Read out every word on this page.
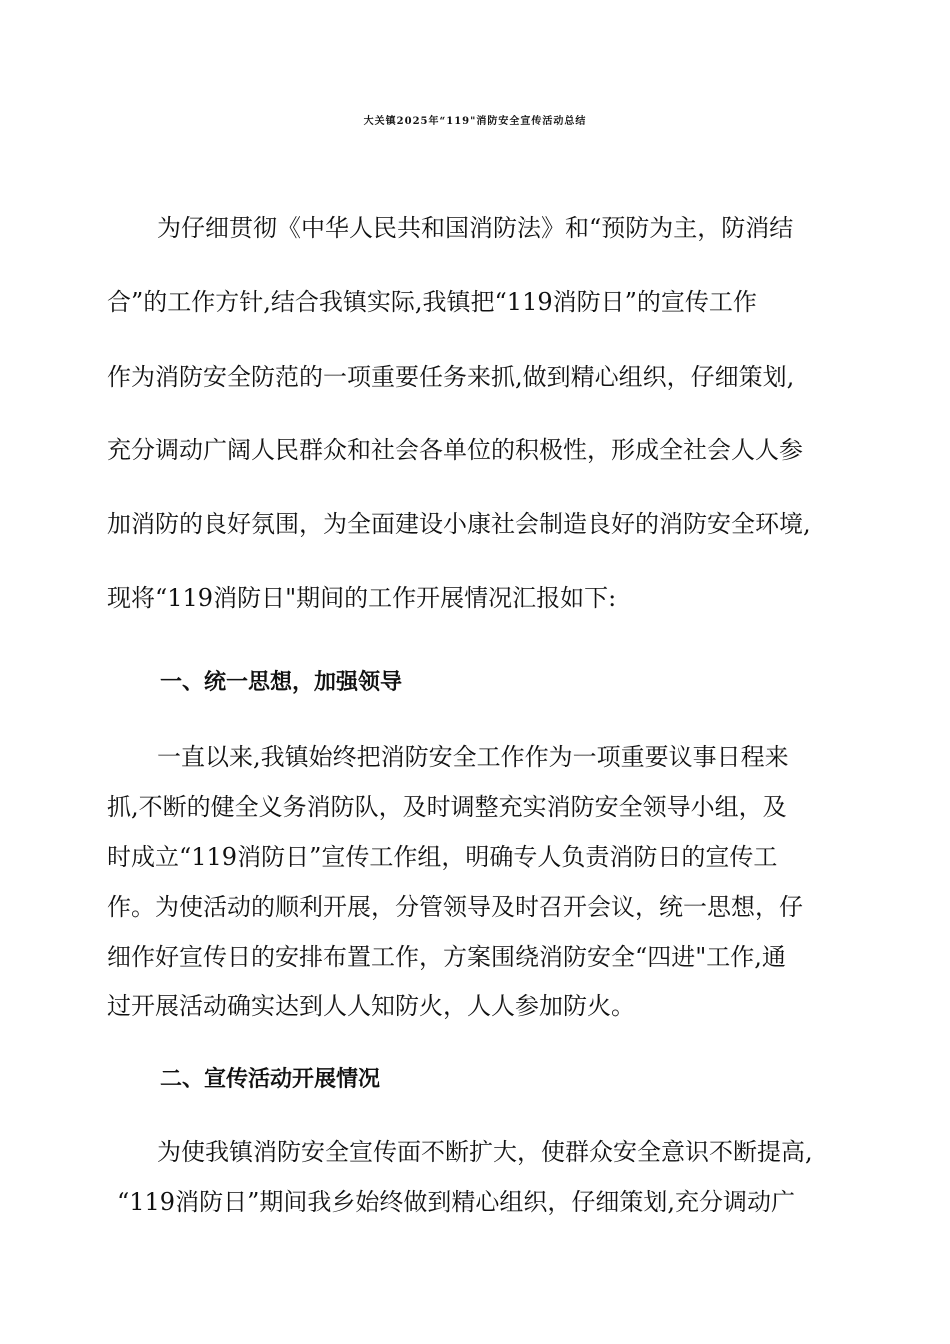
大关镇2025年“119"消防安全宣传活动总结
为仔细贯彻《中华人民共和国消防法》和“预防为主，防消结
合”的工作方针,结合我镇实际,我镇把“119消防日”的宣传工作
作为消防安全防范的一项重要任务来抓,做到精心组织，仔细策划,
充分调动广阔人民群众和社会各单位的积极性，形成全社会人人参
加消防的良好氛围，为全面建设小康社会制造良好的消防安全环境,
现将“119消防日"期间的工作开展情况汇报如下:
一、统一思想，加强领导
一直以来,我镇始终把消防安全工作作为一项重要议事日程来
抓,不断的健全义务消防队，及时调整充实消防安全领导小组，及
时成立“119消防日”宣传工作组，明确专人负责消防日的宣传工
作。为使活动的顺利开展，分管领导及时召开会议，统一思想，仔
细作好宣传日的安排布置工作，方案围绕消防安全“四进"工作,通
过开展活动确实达到人人知防火，人人参加防火。
二、宣传活动开展情况
为使我镇消防安全宣传面不断扩大，使群众安全意识不断提高,
“119消防日”期间我乡始终做到精心组织，仔细策划,充分调动广
